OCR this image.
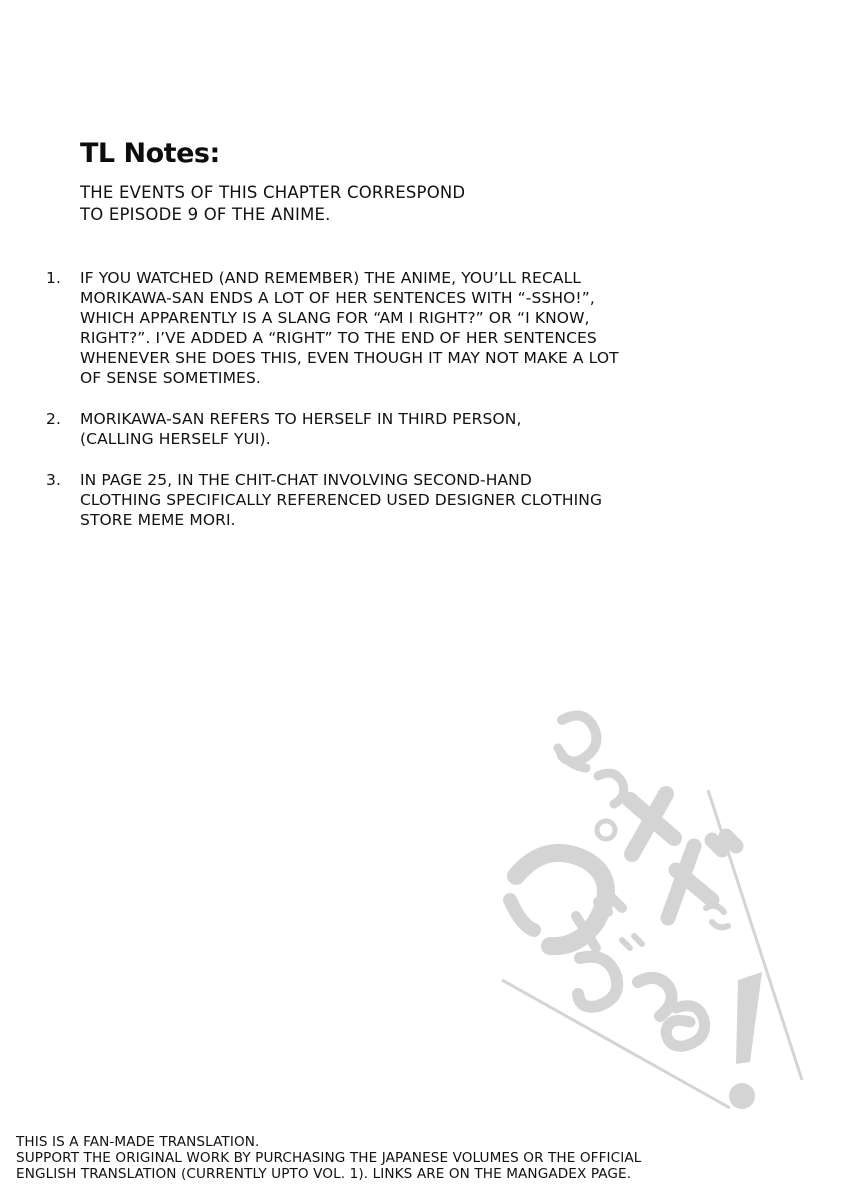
TL Notes:
THE EVENTS OF THIS CHAPTER CORRESPOND
TO EPISODE 9 OF THE ANIME.
1. IF YOU WATCHED (AND REMEMBER) THE ANIME, YOU’LL RECALL
MORIKAWA-SAN ENDS A LOT OF HER SENTENCES WITH “-SSHO!”,
WHICH APPARENTLY IS A SLANG FOR “AM I RIGHT?” OR “I KNOW,
RIGHT?”. I’VE ADDED A “RIGHT” TO THE END OF HER SENTENCES
WHENEVER SHE DOES THIS, EVEN THOUGH IT MAY NOT MAKE A LOT
OF SENSE SOMETIMES.
2. MORIKAWA-SAN REFERS TO HERSELF IN THIRD PERSON,
(CALLING HERSELF YUI).
3. IN PAGE 25, IN THE CHIT-CHAT INVOLVING SECOND-HAND
CLOTHING SPECIFICALLY REFERENCED USED DESIGNER CLOTHING
STORE MEME MORI.
THIS IS A FAN-MADE TRANSLATION.
SUPPORT THE ORIGINAL WORK BY PURCHASING THE JAPANESE VOLUMES OR THE OFFICIAL
ENGLISH TRANSLATION (CURRENTLY UPTO VOL. 1). LINKS ARE ON THE MANGADEX PAGE.
